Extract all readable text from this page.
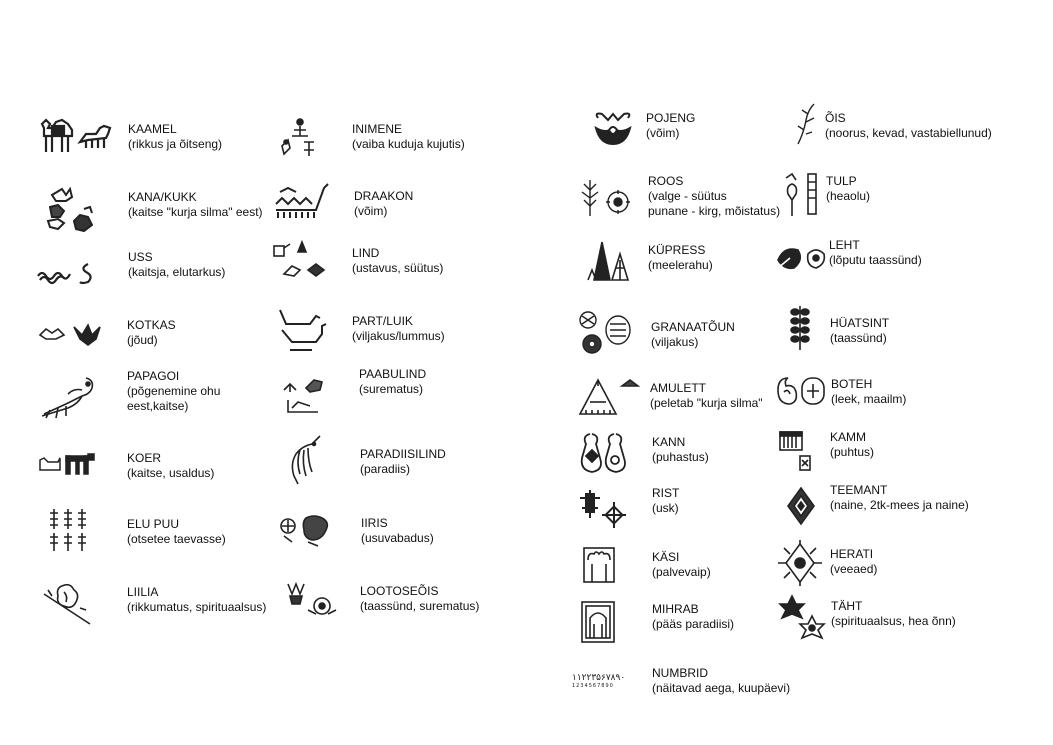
KAAMEL
(rikkus ja õitseng)
KANA/KUKK
(kaitse "kurja silma" eest)
USS
(kaitsja, elutarkus)
KOTKAS
(jõud)
PAPAGOI
(põgenemine ohu
eest,kaitse)
KOER
(kaitse, usaldus)
ELU PUU
(otsetee taevasse)
LIILIA
(rikkumatus, spirituaalsus)
INIMENE
(vaiba kuduja kujutis)
DRAAKON
(võim)
LIND
(ustavus, süütus)
PART/LUIK
(viljakus/lummus)
PAABULIND
(surematus)
PARADIISILIND
(paradiis)
IIRIS
(usuvabadus)
LOOTOSEÕIS
(taassünd, surematus)
POJENG
(võim)
ROOS
(valge - süütus
punane - kirg, mõistatus)
KÜPRESS
(meelerahu)
GRANAATÕUN
(viljakus)
AMULETT
(peletab "kurja silma"
KANN
(puhastus)
RIST
(usk)
KÄSI
(palvevaip)
MIHRAB
(pääs paradiisi)
۱۱۲۲۳۵۶۷۸۹۰
1234567890
NUMBRID
(näitavad aega, kuupäevi)
ÕIS
(noorus, kevad, vastabiellunud)
TULP
(heaolu)
LEHT
(lõputu taassünd)
HÜATSINT
(taassünd)
BOTEH
(leek, maailm)
KAMM
(puhtus)
TEEMANT
(naine, 2tk-mees ja naine)
HERATI
(veeaed)
TÄHT
(spirituaalsus, hea õnn)
